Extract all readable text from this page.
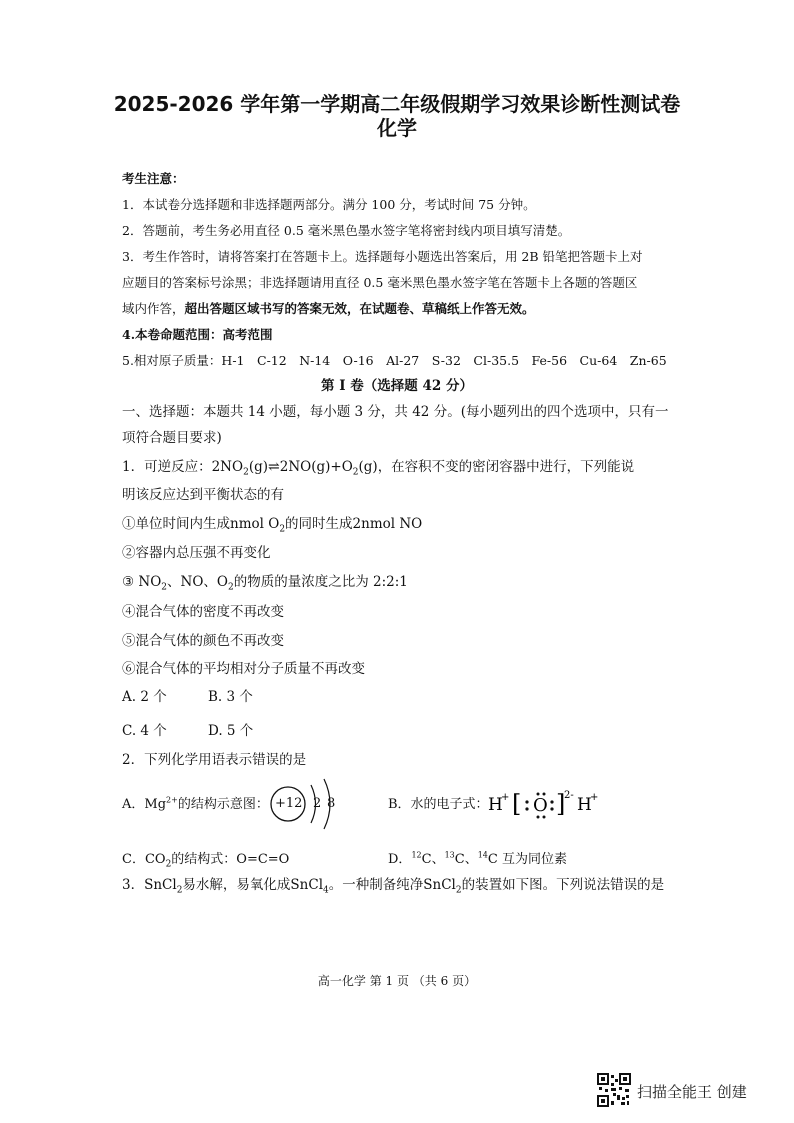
2025-2026 学年第一学期高二年级假期学习效果诊断性测试卷
化学
考生注意：
1．本试卷分选择题和非选择题两部分。满分 100 分，考试时间 75 分钟。
2．答题前，考生务必用直径 0.5 毫米黑色墨水签字笔将密封线内项目填写清楚。
3．考生作答时，请将答案打在答题卡上。选择题每小题选出答案后，用 2B 铅笔把答题卡上对
应题目的答案标号涂黑；非选择题请用直径 0.5 毫米黑色墨水签字笔在答题卡上各题的答题区
域内作答，超出答题区域书写的答案无效，在试题卷、草稿纸上作答无效。
4.本卷命题范围：高考范围
5.相对原子质量：H-1　C-12　N-14　O-16　Al-27　S-32　Cl-35.5　Fe-56　Cu-64　Zn-65
第 I 卷（选择题 42 分）
一、选择题：本题共 14 小题，每小题 3 分，共 42 分。(每小题列出的四个选项中，只有一
项符合题目要求)
1．可逆反应：$2NO_2(g)\rightleftharpoons 2NO(g)+O_2(g)$，在容积不变的密闭容器中进行，下列能说
明该反应达到平衡状态的有
①单位时间内生成nmol $O_2$的同时生成2nmol NO
②容器内总压强不再变化
③ $NO_2$、NO、$O_2$的物质的量浓度之比为 2:2:1
④混合气体的密度不再改变
⑤混合气体的颜色不再改变
⑥混合气体的平均相对分子质量不再改变
A. 2 个	B. 3 个
C. 4 个	D. 5 个
2．下列化学用语表示错误的是
A．$Mg^{2+}$的结构示意图： +12 2 8	B．水的电子式： H
+ [ O ]
2- H
+
C．$CO_2$的结构式：O=C=O	D．$^{12}$C、$^{13}$C、$^{14}$C 互为同位素
3．SnCl$_2$易水解，易氧化成SnCl$_4$。一种制备纯净SnCl$_2$的装置如下图。下列说法错误的是
高一化学 第 1 页 （共 6 页）
扫描全能王 创建
